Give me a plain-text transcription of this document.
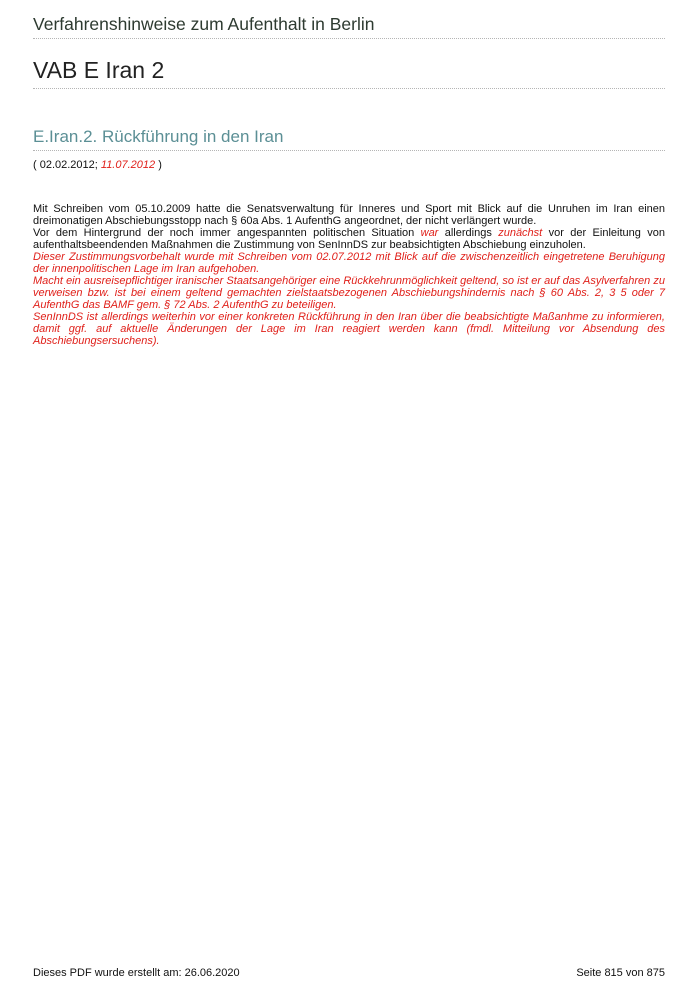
Verfahrenshinweise zum Aufenthalt in Berlin
VAB E Iran 2
E.Iran.2. Rückführung in den Iran
( 02.02.2012; 11.07.2012 )

Mit Schreiben vom 05.10.2009 hatte die Senatsverwaltung für Inneres und Sport mit Blick auf die Unruhen im Iran einen dreimonatigen Abschiebungsstopp nach § 60a Abs. 1 AufenthG angeordnet, der nicht verlängert wurde.

Vor dem Hintergrund der noch immer angespannten politischen Situation war allerdings zunächst vor der Einleitung von aufenthaltsbeendenden Maßnahmen die Zustimmung von SenInnDS zur beabsichtigten Abschiebung einzuholen.

Dieser Zustimmungsvorbehalt wurde mit Schreiben vom 02.07.2012 mit Blick auf die zwischenzeitlich eingetretene Beruhigung der innenpolitischen Lage im Iran aufgehoben.

Macht ein ausreisepflichtiger iranischer Staatsangehöriger eine Rückkehrunmöglichkeit geltend, so ist er auf das Asylverfahren zu verweisen bzw. ist bei einem geltend gemachten zielstaatsbezogenen Abschiebungshindernis nach § 60 Abs. 2, 3 5 oder 7 AufenthG das BAMF gem. § 72 Abs. 2 AufenthG zu beteiligen.

SenInnDS ist allerdings weiterhin vor einer konkreten Rückführung in den Iran über die beabsichtigte Maßanhme zu informieren, damit ggf. auf aktuelle Änderungen der Lage im Iran reagiert werden kann (fmdl. Mitteilung vor Absendung des Abschiebungsersuchens).

Dieses PDF wurde erstellt am: 26.06.2020	Seite 815 von 875
